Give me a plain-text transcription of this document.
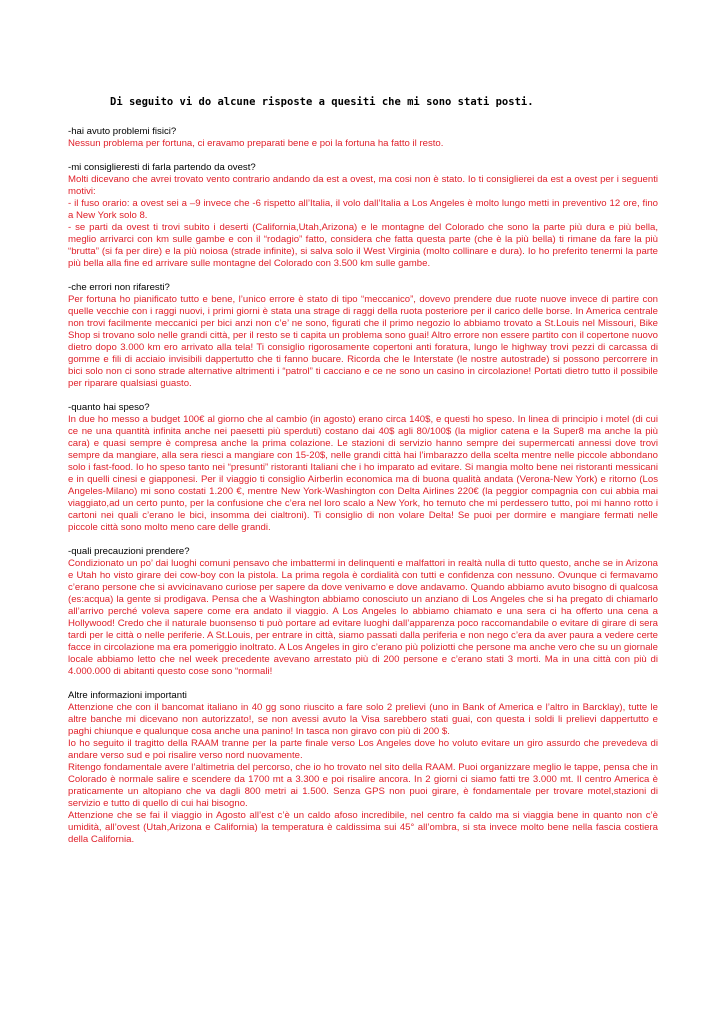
Di seguito vi do alcune risposte a quesiti che mi sono stati posti.
-hai avuto problemi fisici?

Nessun problema per fortuna, ci eravamo preparati bene e poi la fortuna ha fatto il resto.

-mi consiglieresti di farla partendo da ovest?

Molti dicevano che avrei trovato vento contrario andando da est a ovest, ma cosi non è stato. Io ti consiglierei da est a ovest per i seguenti motivi:

- il fuso orario: a ovest sei a –9 invece che -6 rispetto all’Italia, il volo dall’Italia a Los Angeles è molto lungo metti in preventivo 12 ore, fino a New York solo 8.

- se parti da ovest ti trovi subito i deserti (California,Utah,Arizona) e le montagne del Colorado che sono la parte più dura e più bella, meglio arrivarci con km sulle gambe e con il “rodagio” fatto, considera che fatta questa parte (che è la più bella) ti rimane da fare la più “brutta” (si fa per dire) e la più noiosa (strade infinite), si salva solo il West Virginia (molto collinare e dura). Io ho preferito tenermi la parte più bella alla fine ed arrivare sulle montagne del Colorado con 3.500 km sulle gambe.

-che errori non rifaresti?

Per fortuna ho pianificato tutto e bene, l’unico errore è stato di tipo “meccanico”, dovevo prendere due ruote nuove invece di partire con quelle vecchie con i raggi nuovi, i primi giorni è stata una strage di raggi della ruota posteriore per il carico delle borse. In America centrale non trovi facilmente meccanici per bici anzi non c’e’ ne sono, figurati che il primo negozio lo abbiamo trovato a St.Louis nel Missouri, Bike Shop si trovano solo nelle grandi città, per il resto se ti capita un problema sono guai! Altro errore non essere partito con il copertone nuovo dietro dopo 3.000 km ero arrivato alla tela! Ti consiglio rigorosamente copertoni anti foratura, lungo le highway trovi pezzi di carcassa di gomme e fili di acciaio invisibili dappertutto che ti fanno bucare. Ricorda che le Interstate (le nostre autostrade) si possono percorrere in bici solo non ci sono strade alternative altrimenti i “patrol” ti cacciano e ce ne sono un casino in circolazione! Portati dietro tutto il possibile per riparare qualsiasi guasto.

-quanto hai speso?

In due ho messo a budget 100€ al giorno che al cambio (in agosto) erano circa 140$, e questi ho speso. In linea di principio i motel (di cui ce ne una quantità infinita anche nei paesetti più sperduti) costano dai 40$ agli 80/100$ (la miglior catena e la Super8 ma anche la più cara) e quasi sempre è compresa anche la prima colazione. Le stazioni di servizio hanno sempre dei supermercati annessi dove trovi sempre da mangiare, alla sera riesci a mangiare con 15-20$, nelle grandi città hai l’imbarazzo della scelta mentre nelle piccole abbondano solo i fast-food. Io ho speso tanto nei “presunti” ristoranti Italiani che i ho imparato ad evitare. Si mangia molto bene nei ristoranti messicani e in quelli cinesi e giapponesi. Per il viaggio ti consiglio Airberlin economica ma di buona qualità andata (Verona-New York) e ritorno (Los Angeles-Milano) mi sono costati 1.200 €, mentre New York-Washington con Delta Airlines 220€ (la peggior compagnia con cui abbia mai viaggiato,ad un certo punto, per la confusione che c’era nel loro scalo a New York, ho temuto che mi perdessero tutto, poi mi hanno rotto i cartoni nei quali c’erano le bici, insomma dei cialtroni). Ti consiglio di non volare Delta! Se puoi per dormire e mangiare fermati nelle piccole città sono molto meno care delle grandi.

-quali precauzioni prendere?

Condizionato un po’ dai luoghi comuni pensavo che imbattermi in delinquenti e malfattori in realtà nulla di tutto questo, anche se in Arizona e Utah ho visto girare dei cow-boy con la pistola. La prima regola è cordialità con tutti e confidenza con nessuno. Ovunque ci fermavamo c’erano persone che si avvicinavano curiose per sapere da dove venivamo e dove andavamo. Quando abbiamo avuto bisogno di qualcosa (es:acqua) la gente si prodigava. Pensa che a Washington abbiamo conosciuto un anziano di Los Angeles che si ha pregato di chiamarlo all’arrivo perché voleva sapere come era andato il viaggio. A Los Angeles lo abbiamo chiamato e una sera ci ha offerto una cena a Hollywood! Credo che il naturale buonsenso ti può portare ad evitare luoghi dall’apparenza poco raccomandabile o evitare di girare di sera tardi per le città o nelle periferie. A St.Louis, per entrare in città, siamo passati dalla periferia e non nego c’era da aver paura a vedere certe facce in circolazione ma era pomeriggio inoltrato. A Los Angeles in giro c’erano più poliziotti che persone ma anche vero che su un giornale locale abbiamo letto che nel week precedente avevano arrestato più di 200 persone e c’erano stati 3 morti. Ma in una città con più di 4.000.000 di abitanti questo cose sono “normali!

Altre informazioni importanti

Attenzione che con il bancomat italiano in 40 gg sono riuscito a fare solo 2 prelievi (uno in Bank of America e l’altro in Barcklay), tutte le altre banche mi dicevano non autorizzato!, se non avessi avuto la Visa sarebbero stati guai, con questa i soldi li prelievi dappertutto e paghi chiunque e qualunque cosa anche una panino! In tasca non giravo con più di 200 $.

Io ho seguito il tragitto della RAAM tranne per la parte finale verso Los Angeles dove ho voluto evitare un giro assurdo che prevedeva di andare verso sud e poi risalire verso nord nuovamente.

Ritengo fondamentale avere l’altimetria del percorso, che io ho trovato nel sito della RAAM. Puoi organizzare meglio le tappe, pensa che in Colorado è normale salire e scendere da 1700 mt a 3.300 e poi risalire ancora. In 2 giorni ci siamo fatti tre 3.000 mt. Il centro America è praticamente un altopiano che va dagli 800 metri ai 1.500. Senza GPS non puoi girare, è fondamentale per trovare motel,stazioni di servizio e tutto di quello di cui hai bisogno.

Attenzione che se fai il viaggio in Agosto all’est c’è un caldo afoso incredibile, nel centro fa caldo ma si viaggia bene in quanto non c’è umidità, all’ovest (Utah,Arizona e California) la temperatura è caldissima sui 45° all’ombra, si sta invece molto bene nella fascia costiera della California.
